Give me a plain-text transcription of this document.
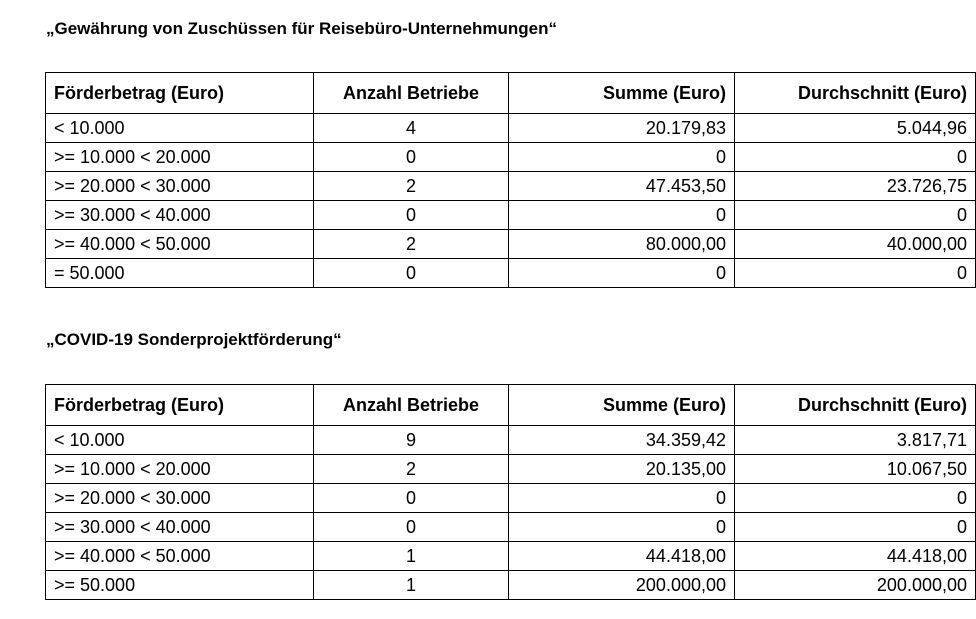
„Gewährung von Zuschüssen für Reisebüro-Unternehmungen“

Förderbetrag (Euro)	Anzahl Betriebe	Summe (Euro)	Durchschnitt (Euro)
< 10.000	4	20.179,83	5.044,96
>= 10.000 < 20.000	0	0	0
>= 20.000 < 30.000	2	47.453,50	23.726,75
>= 30.000 < 40.000	0	0	0
>= 40.000 < 50.000	2	80.000,00	40.000,00
= 50.000	0	0	0

„COVID-19 Sonderprojektförderung“

Förderbetrag (Euro)	Anzahl Betriebe	Summe (Euro)	Durchschnitt (Euro)
< 10.000	9	34.359,42	3.817,71
>= 10.000 < 20.000	2	20.135,00	10.067,50
>= 20.000 < 30.000	0	0	0
>= 30.000 < 40.000	0	0	0
>= 40.000 < 50.000	1	44.418,00	44.418,00
>= 50.000	1	200.000,00	200.000,00
